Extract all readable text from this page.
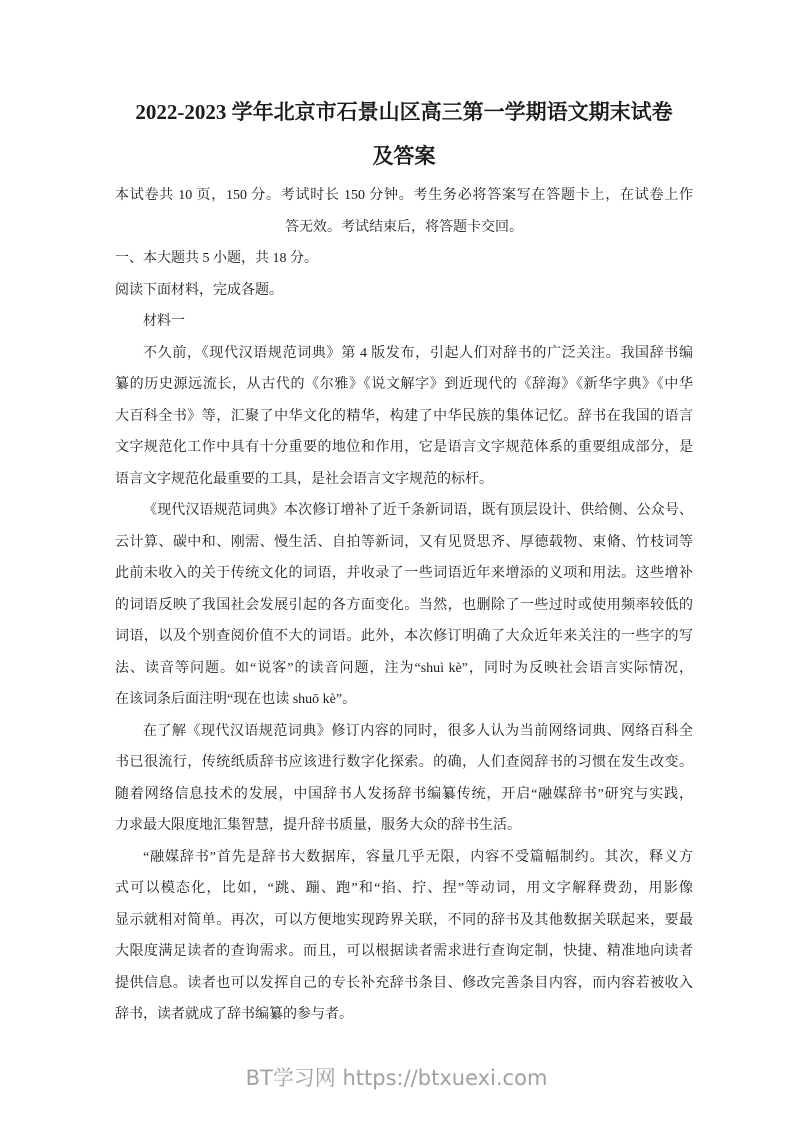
2022-2023 学年北京市石景山区高三第一学期语文期末试卷
及答案
本试卷共 10 页，150 分。考试时长 150 分钟。考生务必将答案写在答题卡上，在试卷上作
答无效。考试结束后，将答题卡交回。
一、本大题共 5 小题，共 18 分。
阅读下面材料，完成各题。
材料一
不久前，《现代汉语规范词典》第 4 版发布，引起人们对辞书的广泛关注。我国辞书编
纂的历史源远流长，从古代的《尔雅》《说文解字》到近现代的《辞海》《新华字典》《中华
大百科全书》等，汇聚了中华文化的精华，构建了中华民族的集体记忆。辞书在我国的语言
文字规范化工作中具有十分重要的地位和作用，它是语言文字规范体系的重要组成部分，是
语言文字规范化最重要的工具，是社会语言文字规范的标杆。
《现代汉语规范词典》本次修订增补了近千条新词语，既有顶层设计、供给侧、公众号、
云计算、碳中和、刚需、慢生活、自拍等新词，又有见贤思齐、厚德载物、束脩、竹枝词等
此前未收入的关于传统文化的词语，并收录了一些词语近年来增添的义项和用法。这些增补
的词语反映了我国社会发展引起的各方面变化。当然，也删除了一些过时或使用频率较低的
词语，以及个别查阅价值不大的词语。此外，本次修订明确了大众近年来关注的一些字的写
法、读音等问题。如“说客”的读音问题，注为“shuì kè”，同时为反映社会语言实际情况，
在该词条后面注明“现在也读 shuō kè”。
在了解《现代汉语规范词典》修订内容的同时，很多人认为当前网络词典、网络百科全
书已很流行，传统纸质辞书应该进行数字化探索。的确，人们查阅辞书的习惯在发生改变。
随着网络信息技术的发展，中国辞书人发扬辞书编纂传统，开启“融媒辞书”研究与实践，
力求最大限度地汇集智慧，提升辞书质量，服务大众的辞书生活。
“融媒辞书”首先是辞书大数据库，容量几乎无限，内容不受篇幅制约。其次，释义方
式可以模态化，比如，“跳、蹦、跑”和“掐、拧、捏”等动词，用文字解释费劲，用影像
显示就相对简单。再次，可以方便地实现跨界关联，不同的辞书及其他数据关联起来，要最
大限度满足读者的查询需求。而且，可以根据读者需求进行查询定制，快捷、精准地向读者
提供信息。读者也可以发挥自己的专长补充辞书条目、修改完善条目内容，而内容若被收入
辞书，读者就成了辞书编纂的参与者。
BT学习网 https://btxuexi.com
